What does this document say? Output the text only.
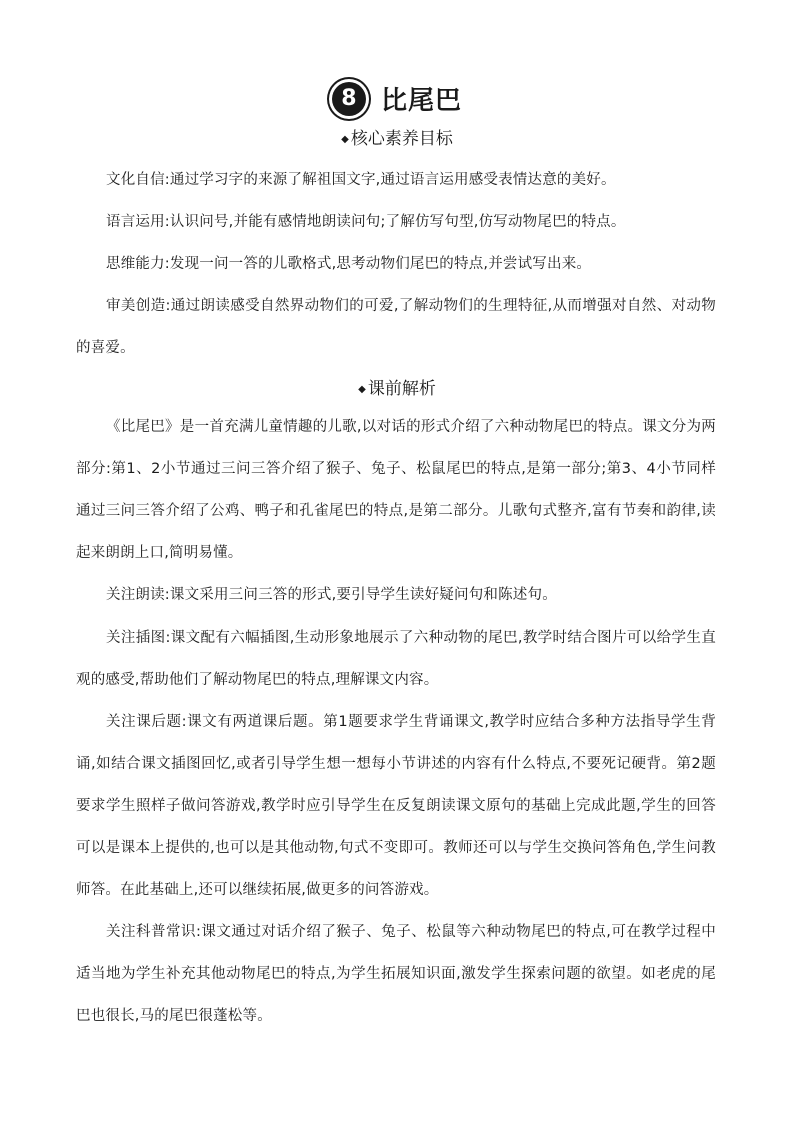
8 比尾巴
◆ 核心素养目标
文化自信:通过学习字的来源了解祖国文字,通过语言运用感受表情达意的美好。
语言运用:认识问号,并能有感情地朗读问句;了解仿写句型,仿写动物尾巴的特点。
思维能力:发现一问一答的儿歌格式,思考动物们尾巴的特点,并尝试写出来。
审美创造:通过朗读感受自然界动物们的可爱,了解动物们的生理特征,从而增强对自然、对动物的喜爱。
◆ 课前解析
《比尾巴》是一首充满儿童情趣的儿歌,以对话的形式介绍了六种动物尾巴的特点。课文分为两部分:第1、2小节通过三问三答介绍了猴子、兔子、松鼠尾巴的特点,是第一部分;第3、4小节同样通过三问三答介绍了公鸡、鸭子和孔雀尾巴的特点,是第二部分。儿歌句式整齐,富有节奏和韵律,读起来朗朗上口,简明易懂。
关注朗读:课文采用三问三答的形式,要引导学生读好疑问句和陈述句。
关注插图:课文配有六幅插图,生动形象地展示了六种动物的尾巴,教学时结合图片可以给学生直观的感受,帮助他们了解动物尾巴的特点,理解课文内容。
关注课后题:课文有两道课后题。第1题要求学生背诵课文,教学时应结合多种方法指导学生背诵,如结合课文插图回忆,或者引导学生想一想每小节讲述的内容有什么特点,不要死记硬背。第2题要求学生照样子做问答游戏,教学时应引导学生在反复朗读课文原句的基础上完成此题,学生的回答可以是课本上提供的,也可以是其他动物,句式不变即可。教师还可以与学生交换问答角色,学生问教师答。在此基础上,还可以继续拓展,做更多的问答游戏。
关注科普常识:课文通过对话介绍了猴子、兔子、松鼠等六种动物尾巴的特点,可在教学过程中适当地为学生补充其他动物尾巴的特点,为学生拓展知识面,激发学生探索问题的欲望。如老虎的尾巴也很长,马的尾巴很蓬松等。
